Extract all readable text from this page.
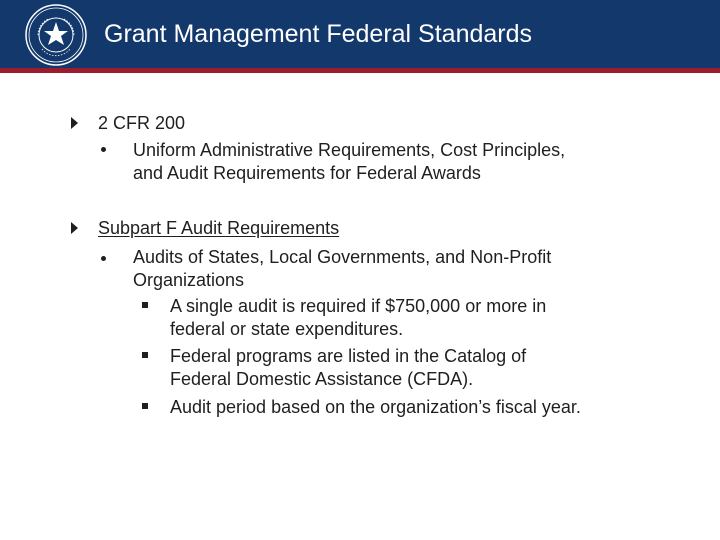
Grant Management Federal Standards
2 CFR 200
Uniform Administrative Requirements, Cost Principles,
and Audit Requirements for Federal Awards
Subpart F Audit Requirements
Audits of States, Local Governments, and Non-Profit
Organizations
A single audit is required if $750,000 or more in
federal or state expenditures.
Federal programs are listed in the Catalog of
Federal Domestic Assistance (CFDA).
Audit period based on the organization’s fiscal year.
